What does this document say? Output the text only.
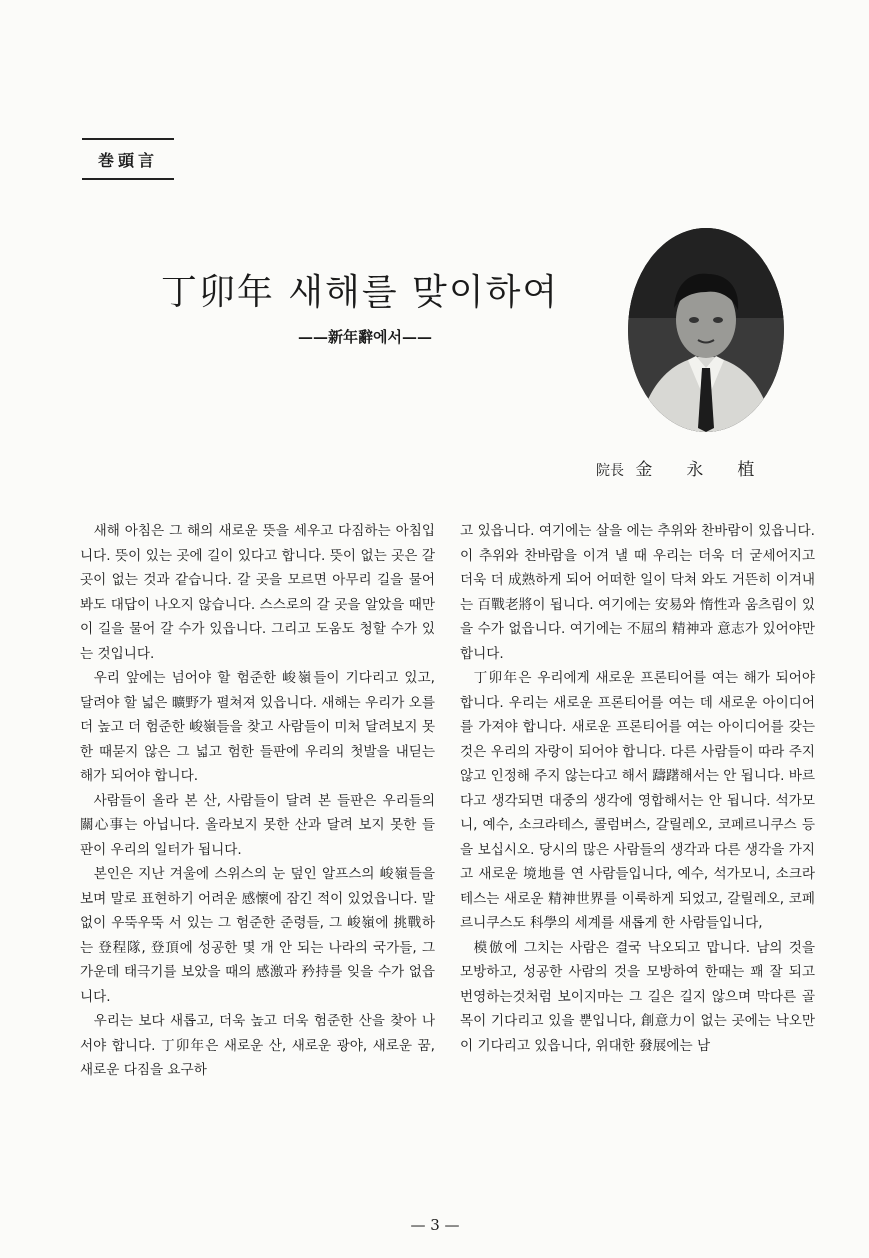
巻頭言
丁卯年 새해를 맞이하여
——新年辭에서——
院長 金永植

새해 아침은 그 해의 새로운 뜻을 세우고 다짐하는 아침입니다. 뜻이 있는 곳에 길이 있다고 합니다. 뜻이 없는 곳은 갈 곳이 없는 것과 같습니다. 갈 곳을 모르면 아무리 길을 물어 봐도 대답이 나오지 않습니다. 스스로의 갈 곳을 알았을 때만이 길을 물어 갈 수가 있읍니다. 그리고 도움도 청할 수가 있는 것입니다.

우리 앞에는 넘어야 할 험준한 峻嶺들이 기다리고 있고, 달려야 할 넓은 曠野가 펼쳐져 있읍니다. 새해는 우리가 오를 더 높고 더 험준한 峻嶺들을 찾고 사람들이 미처 달려보지 못한 때묻지 않은 그 넓고 험한 들판에 우리의 첫발을 내딛는 해가 되어야 합니다.

사람들이 올라 본 산, 사람들이 달려 본 들판은 우리들의 關心事는 아닙니다. 올라보지 못한 산과 달려 보지 못한 들판이 우리의 일터가 됩니다.

본인은 지난 겨울에 스위스의 눈 덮인 알프스의 峻嶺들을 보며 말로 표현하기 어려운 感懷에 잠긴 적이 있었읍니다. 말없이 우뚝우뚝 서 있는 그 험준한 준령들, 그 峻嶺에 挑戰하는 登程隊, 登頂에 성공한 몇 개 안 되는 나라의 국가들, 그 가운데 태극기를 보았을 때의 感激과 矜持를 잊을 수가 없읍니다.

우리는 보다 새롭고, 더욱 높고 더욱 험준한 산을 찾아 나서야 합니다. 丁卯年은 새로운 산, 새로운 광야, 새로운 꿈, 새로운 다짐을 요구하

고 있읍니다. 여기에는 살을 에는 추위와 찬바람이 있읍니다. 이 추위와 찬바람을 이겨 낼 때 우리는 더욱 더 굳세어지고 더욱 더 成熟하게 되어 어떠한 일이 닥쳐 와도 거뜬히 이겨내는 百戰老將이 됩니다. 여기에는 安易와 惰性과 움츠림이 있을 수가 없읍니다. 여기에는 不屈의 精神과 意志가 있어야만 합니다.

丁卯年은 우리에게 새로운 프론티어를 여는 해가 되어야 합니다. 우리는 새로운 프론티어를 여는 데 새로운 아이디어를 가져야 합니다. 새로운 프론티어를 여는 아이디어를 갖는 것은 우리의 자랑이 되어야 합니다. 다른 사람들이 따라 주지 않고 인정해 주지 않는다고 해서 躊躇해서는 안 됩니다. 바르다고 생각되면 대중의 생각에 영합해서는 안 됩니다. 석가모니, 예수, 소크라테스, 콜럼버스, 갈릴레오, 코페르니쿠스 등을 보십시오. 당시의 많은 사람들의 생각과 다른 생각을 가지고 새로운 境地를 연 사람들입니다, 예수, 석가모니, 소크라테스는 새로운 精神世界를 이룩하게 되었고, 갈릴레오, 코페르니쿠스도 科學의 세계를 새롭게 한 사람들입니다,

模倣에 그치는 사람은 결국 낙오되고 맙니다. 남의 것을 모방하고, 성공한 사람의 것을 모방하여 한때는 꽤 잘 되고 번영하는것처럼 보이지마는 그 길은 길지 않으며 막다른 골목이 기다리고 있을 뿐입니다, 創意力이 없는 곳에는 낙오만이 기다리고 있읍니다, 위대한 發展에는 남

— 3 —
